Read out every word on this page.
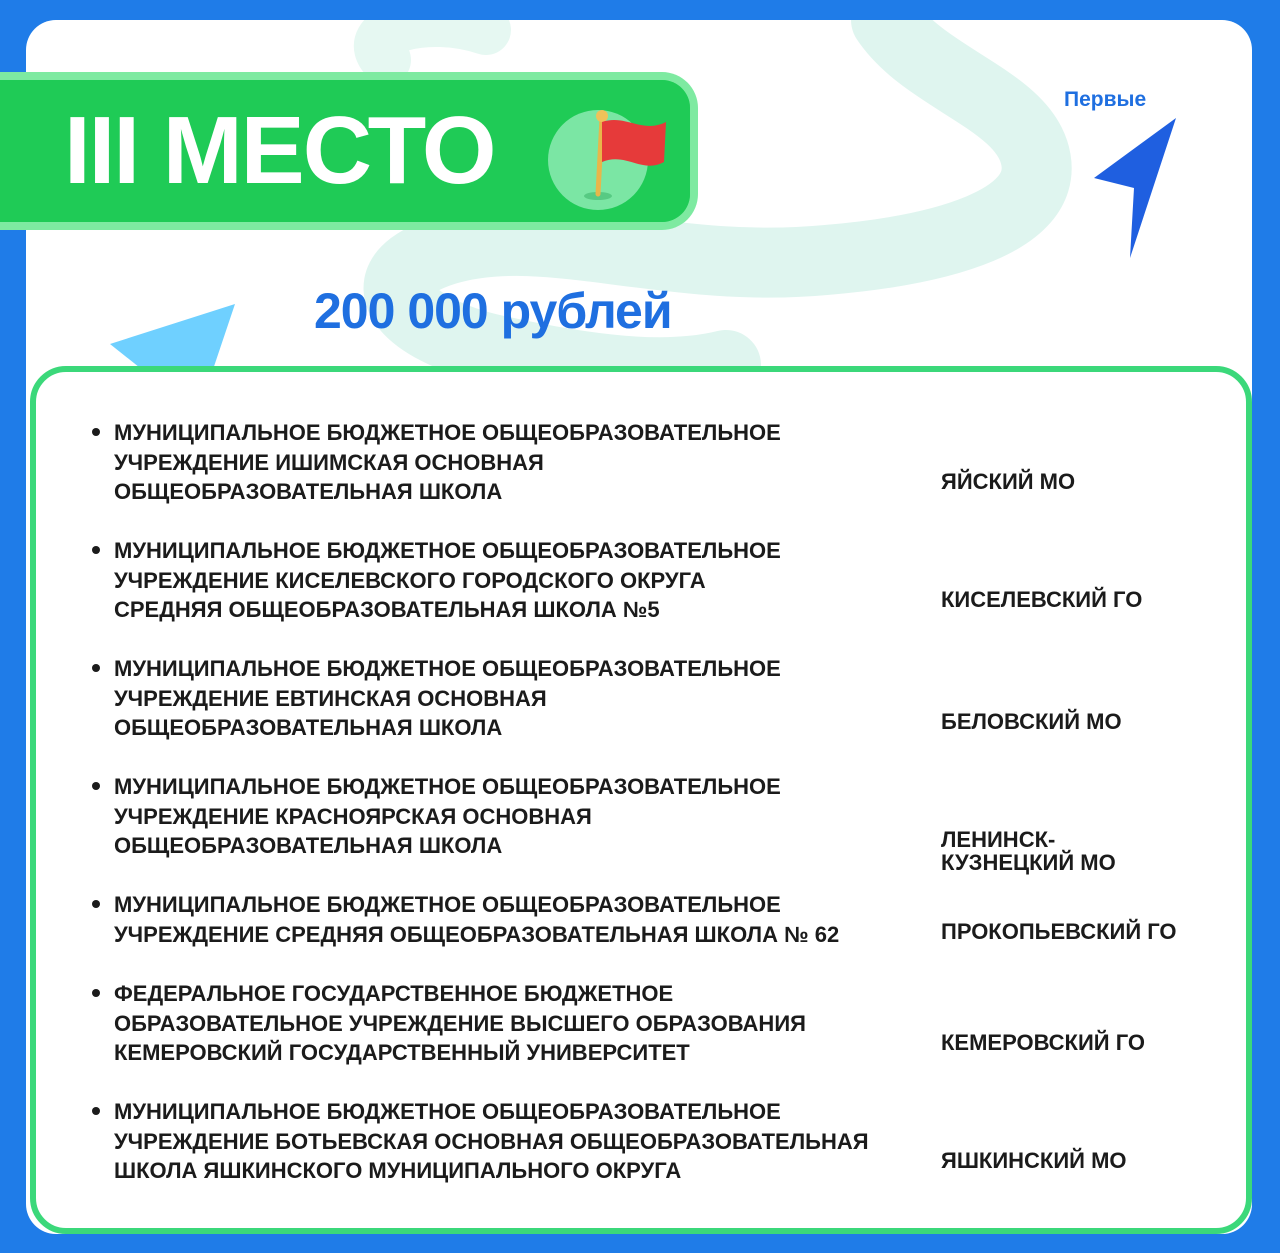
III МЕСТО	Первые

200 000 рублей

МУНИЦИПАЛЬНОЕ БЮДЖЕТНОЕ ОБЩЕОБРАЗОВАТЕЛЬНОЕ
УЧРЕЖДЕНИЕ ИШИМСКАЯ ОСНОВНАЯ
ОБЩЕОБРАЗОВАТЕЛЬНАЯ ШКОЛА	ЯЙСКИЙ МО

МУНИЦИПАЛЬНОЕ БЮДЖЕТНОЕ ОБЩЕОБРАЗОВАТЕЛЬНОЕ
УЧРЕЖДЕНИЕ КИСЕЛЕВСКОГО ГОРОДСКОГО ОКРУГА
СРЕДНЯЯ ОБЩЕОБРАЗОВАТЕЛЬНАЯ ШКОЛА №5	КИСЕЛЕВСКИЙ ГО

МУНИЦИПАЛЬНОЕ БЮДЖЕТНОЕ ОБЩЕОБРАЗОВАТЕЛЬНОЕ
УЧРЕЖДЕНИЕ ЕВТИНСКАЯ ОСНОВНАЯ
ОБЩЕОБРАЗОВАТЕЛЬНАЯ ШКОЛА	БЕЛОВСКИЙ МО

МУНИЦИПАЛЬНОЕ БЮДЖЕТНОЕ ОБЩЕОБРАЗОВАТЕЛЬНОЕ
УЧРЕЖДЕНИЕ КРАСНОЯРСКАЯ ОСНОВНАЯ
ОБЩЕОБРАЗОВАТЕЛЬНАЯ ШКОЛА	ЛЕНИНСК-
КУЗНЕЦКИЙ МО

МУНИЦИПАЛЬНОЕ БЮДЖЕТНОЕ ОБЩЕОБРАЗОВАТЕЛЬНОЕ
УЧРЕЖДЕНИЕ СРЕДНЯЯ ОБЩЕОБРАЗОВАТЕЛЬНАЯ ШКОЛА № 62	ПРОКОПЬЕВСКИЙ ГО

ФЕДЕРАЛЬНОЕ ГОСУДАРСТВЕННОЕ БЮДЖЕТНОЕ
ОБРАЗОВАТЕЛЬНОЕ УЧРЕЖДЕНИЕ ВЫСШЕГО ОБРАЗОВАНИЯ
КЕМЕРОВСКИЙ ГОСУДАРСТВЕННЫЙ УНИВЕРСИТЕТ	КЕМЕРОВСКИЙ ГО

МУНИЦИПАЛЬНОЕ БЮДЖЕТНОЕ ОБЩЕОБРАЗОВАТЕЛЬНОЕ
УЧРЕЖДЕНИЕ БОТЬЕВСКАЯ ОСНОВНАЯ ОБЩЕОБРАЗОВАТЕЛЬНАЯ
ШКОЛА ЯШКИНСКОГО МУНИЦИПАЛЬНОГО ОКРУГА	ЯШКИНСКИЙ МО
